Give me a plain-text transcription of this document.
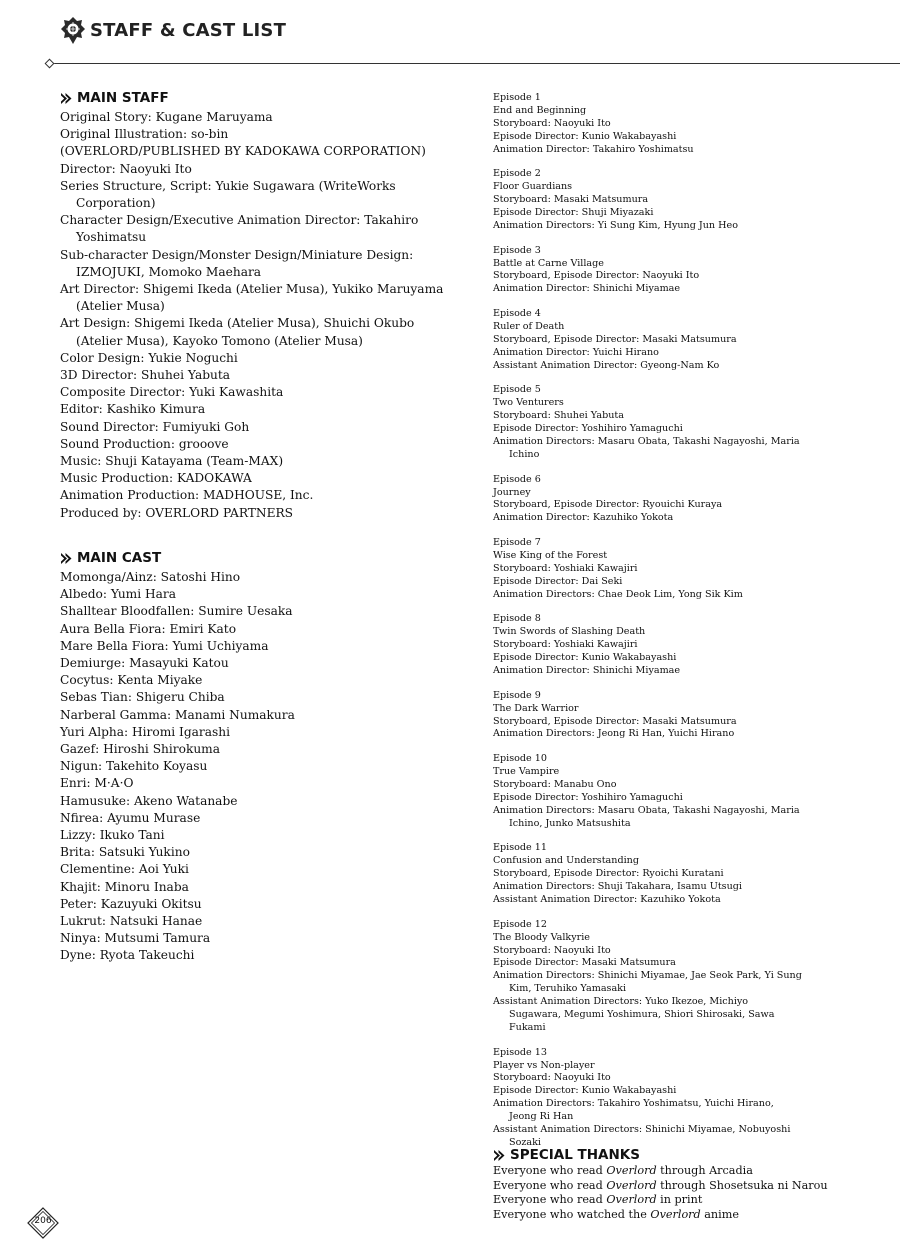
STAFF & CAST LIST
MAIN STAFF
Original Story: Kugane Maruyama
Original Illustration: so-bin
(OVERLORD/PUBLISHED BY KADOKAWA CORPORATION)
Director: Naoyuki Ito
Series Structure, Script: Yukie Sugawara (WriteWorks Corporation)
Character Design/Executive Animation Director: Takahiro Yoshimatsu
Sub-character Design/Monster Design/Miniature Design: IZMOJUKI, Momoko Maehara
Art Director: Shigemi Ikeda (Atelier Musa), Yukiko Maruyama (Atelier Musa)
Art Design: Shigemi Ikeda (Atelier Musa), Shuichi Okubo (Atelier Musa), Kayoko Tomono (Atelier Musa)
Color Design: Yukie Noguchi
3D Director: Shuhei Yabuta
Composite Director: Yuki Kawashita
Editor: Kashiko Kimura
Sound Director: Fumiyuki Goh
Sound Production: grooove
Music: Shuji Katayama (Team-MAX)
Music Production: KADOKAWA
Animation Production: MADHOUSE, Inc.
Produced by: OVERLORD PARTNERS
MAIN CAST
Momonga/Ainz: Satoshi Hino
Albedo: Yumi Hara
Shalltear Bloodfallen: Sumire Uesaka
Aura Bella Fiora: Emiri Kato
Mare Bella Fiora: Yumi Uchiyama
Demiurge: Masayuki Katou
Cocytus: Kenta Miyake
Sebas Tian: Shigeru Chiba
Narberal Gamma: Manami Numakura
Yuri Alpha: Hiromi Igarashi
Gazef: Hiroshi Shirokuma
Nigun: Takehito Koyasu
Enri: M·A·O
Hamusuke: Akeno Watanabe
Nfirea: Ayumu Murase
Lizzy: Ikuko Tani
Brita: Satsuki Yukino
Clementine: Aoi Yuki
Khajit: Minoru Inaba
Peter: Kazuyuki Okitsu
Lukrut: Natsuki Hanae
Ninya: Mutsumi Tamura
Dyne: Ryota Takeuchi
Episode 1
End and Beginning
Storyboard: Naoyuki Ito
Episode Director: Kunio Wakabayashi
Animation Director: Takahiro Yoshimatsu
Episode 2
Floor Guardians
Storyboard: Masaki Matsumura
Episode Director: Shuji Miyazaki
Animation Directors: Yi Sung Kim, Hyung Jun Heo
Episode 3
Battle at Carne Village
Storyboard, Episode Director: Naoyuki Ito
Animation Director: Shinichi Miyamae
Episode 4
Ruler of Death
Storyboard, Episode Director: Masaki Matsumura
Animation Director: Yuichi Hirano
Assistant Animation Director: Gyeong-Nam Ko
Episode 5
Two Venturers
Storyboard: Shuhei Yabuta
Episode Director: Yoshihiro Yamaguchi
Animation Directors: Masaru Obata, Takashi Nagayoshi, Maria Ichino
Episode 6
Journey
Storyboard, Episode Director: Ryouichi Kuraya
Animation Director: Kazuhiko Yokota
Episode 7
Wise King of the Forest
Storyboard: Yoshiaki Kawajiri
Episode Director: Dai Seki
Animation Directors: Chae Deok Lim, Yong Sik Kim
Episode 8
Twin Swords of Slashing Death
Storyboard: Yoshiaki Kawajiri
Episode Director: Kunio Wakabayashi
Animation Director: Shinichi Miyamae
Episode 9
The Dark Warrior
Storyboard, Episode Director: Masaki Matsumura
Animation Directors: Jeong Ri Han, Yuichi Hirano
Episode 10
True Vampire
Storyboard: Manabu Ono
Episode Director: Yoshihiro Yamaguchi
Animation Directors: Masaru Obata, Takashi Nagayoshi, Maria Ichino, Junko Matsushita
Episode 11
Confusion and Understanding
Storyboard, Episode Director: Ryoichi Kuratani
Animation Directors: Shuji Takahara, Isamu Utsugi
Assistant Animation Director: Kazuhiko Yokota
Episode 12
The Bloody Valkyrie
Storyboard: Naoyuki Ito
Episode Director: Masaki Matsumura
Animation Directors: Shinichi Miyamae, Jae Seok Park, Yi Sung Kim, Teruhiko Yamasaki
Assistant Animation Directors: Yuko Ikezoe, Michiyo Sugawara, Megumi Yoshimura, Shiori Shirosaki, Sawa Fukami
Episode 13
Player vs Non-player
Storyboard: Naoyuki Ito
Episode Director: Kunio Wakabayashi
Animation Directors: Takahiro Yoshimatsu, Yuichi Hirano, Jeong Ri Han
Assistant Animation Directors: Shinichi Miyamae, Nobuyoshi Sozaki
SPECIAL THANKS
Everyone who read Overlord through Arcadia
Everyone who read Overlord through Shosetsuka ni Narou
Everyone who read Overlord in print
Everyone who watched the Overlord anime
206
